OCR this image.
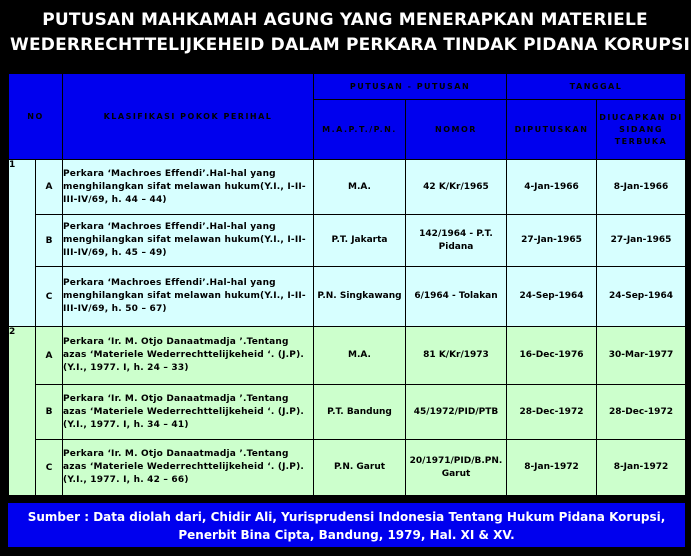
PUTUSAN MAHKAMAH AGUNG YANG MENERAPKAN MATERIELE
WEDERRECHTTELIJKEHEID DALAM PERKARA TINDAK PIDANA KORUPSI
NO		KLASIFIKASI POKOK PERIHAL	PUTUSAN - PUTUSAN		TANGGAL	
			M.A.P.T./P.N.	NOMOR	DIPUTUSKAN	DIUCAPKAN DI SIDANG TERBUKA
1	A	Perkara ‘Machroes Effendi’.Hal-hal yang menghilangkan sifat melawan hukum(Y.I., I-II-III-IV/69, h. 44 – 44)	M.A.	42 K/Kr/1965	4-Jan-1966	8-Jan-1966
	B	Perkara ‘Machroes Effendi’.Hal-hal yang menghilangkan sifat melawan hukum(Y.I., I-II-III-IV/69, h. 45 – 49)	P.T. Jakarta	142/1964 - P.T. Pidana	27-Jan-1965	27-Jan-1965
	C	Perkara ‘Machroes Effendi’.Hal-hal yang menghilangkan sifat melawan hukum(Y.I., I-II-III-IV/69, h. 50 – 67)	P.N. Singkawang	6/1964 - Tolakan	24-Sep-1964	24-Sep-1964
2	A	Perkara ‘Ir. M. Otjo Danaatmadja ’.Tentang azas ‘Materiele Wederrechttelijkeheid ‘. (J.P). (Y.I., 1977. I, h. 24 – 33)	M.A.	81 K/Kr/1973	16-Dec-1976	30-Mar-1977
	B	Perkara ‘Ir. M. Otjo Danaatmadja ’.Tentang azas ‘Materiele Wederrechttelijkeheid ‘. (J.P). (Y.I., 1977. I, h. 34 – 41)	P.T. Bandung	45/1972/PID/PTB	28-Dec-1972	28-Dec-1972
	C	Perkara ‘Ir. M. Otjo Danaatmadja ’.Tentang azas ‘Materiele Wederrechttelijkeheid ‘. (J.P). (Y.I., 1977. I, h. 42 – 66)	P.N. Garut	20/1971/PID/B.PN. Garut	8-Jan-1972	8-Jan-1972
Sumber : Data diolah dari, Chidir Ali, Yurisprudensi Indonesia Tentang Hukum Pidana Korupsi,
Penerbit Bina Cipta, Bandung, 1979, Hal. XI & XV.
